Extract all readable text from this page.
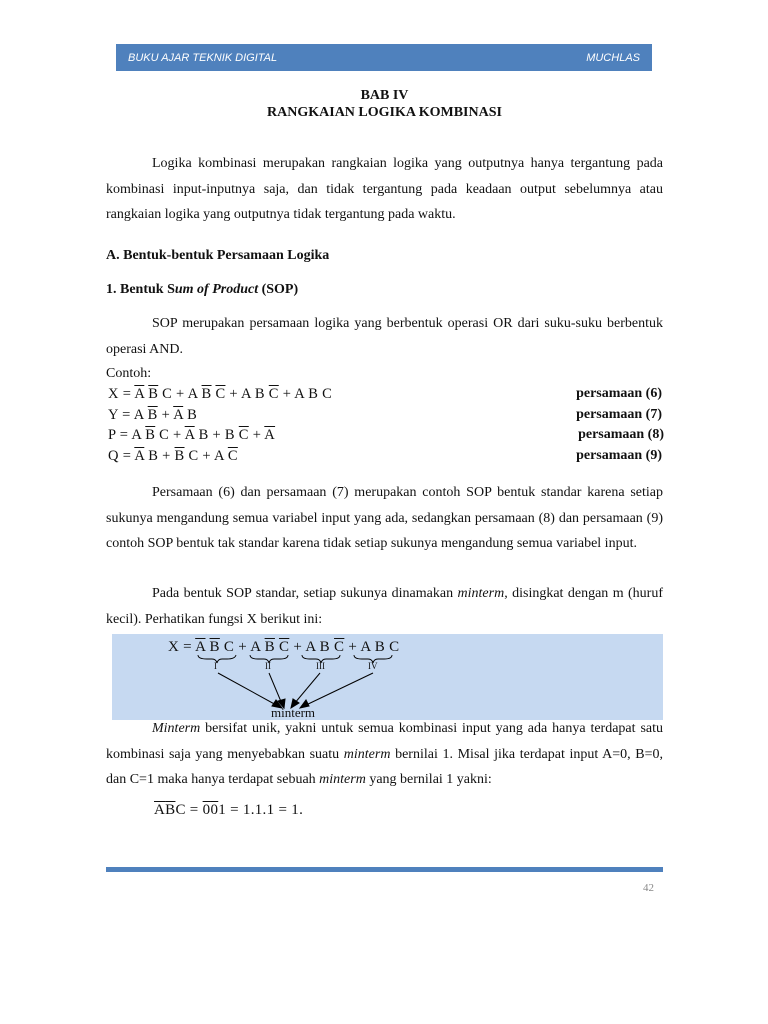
BUKU AJAR TEKNIK DIGITAL	MUCHLAS
BAB IV
RANGKAIAN LOGIKA KOMBINASI
Logika kombinasi merupakan rangkaian logika yang outputnya hanya tergantung pada kombinasi input-inputnya saja, dan tidak tergantung pada keadaan output sebelumnya atau rangkaian logika yang outputnya tidak tergantung pada waktu.
A. Bentuk-bentuk Persamaan Logika
1. Bentuk Sum of Product (SOP)
SOP merupakan persamaan logika yang berbentuk operasi OR dari suku-suku berbentuk operasi AND.
Contoh:
$X = \overline{A}$ $\overline{B}$ C + A $\overline{B}$ $\overline{C} + A$ B $\overline{C} + A$ B C	persamaan (6)
Y = A $\overline{B} + \overline{A}$ B	persamaan (7)
P = A $\overline{B}$ $C + \overline{A}$ B + B $\overline{C} + \overline{A}$	persamaan (8)
$Q = \overline{A}$ $B + \overline{B}$ C + A $\overline{C}$	persamaan (9)
Persamaan (6) dan persamaan (7) merupakan contoh SOP bentuk standar karena setiap sukunya mengandung semua variabel input yang ada, sedangkan persamaan (8) dan persamaan (9) contoh SOP bentuk tak standar karena tidak setiap sukunya mengandung semua variabel input.
Pada bentuk SOP standar, setiap sukunya dinamakan minterm, disingkat dengan m (huruf kecil). Perhatikan fungsi X berikut ini:
$X = \overline{A}$ $\overline{B}$ C + A $\overline{B}$ $\overline{C} + A$ B $\overline{C} + A$ B C
I	II	III	IV
minterm
Minterm bersifat unik, yakni untuk semua kombinasi input yang ada hanya terdapat satu kombinasi saja yang menyebabkan suatu minterm bernilai 1. Misal jika terdapat input A=0, B=0, dan C=1 maka hanya terdapat sebuah minterm yang bernilai 1 yakni:
$\overline{A}\overline{B}C = 001 = 1.1.1 = 1$.
42
